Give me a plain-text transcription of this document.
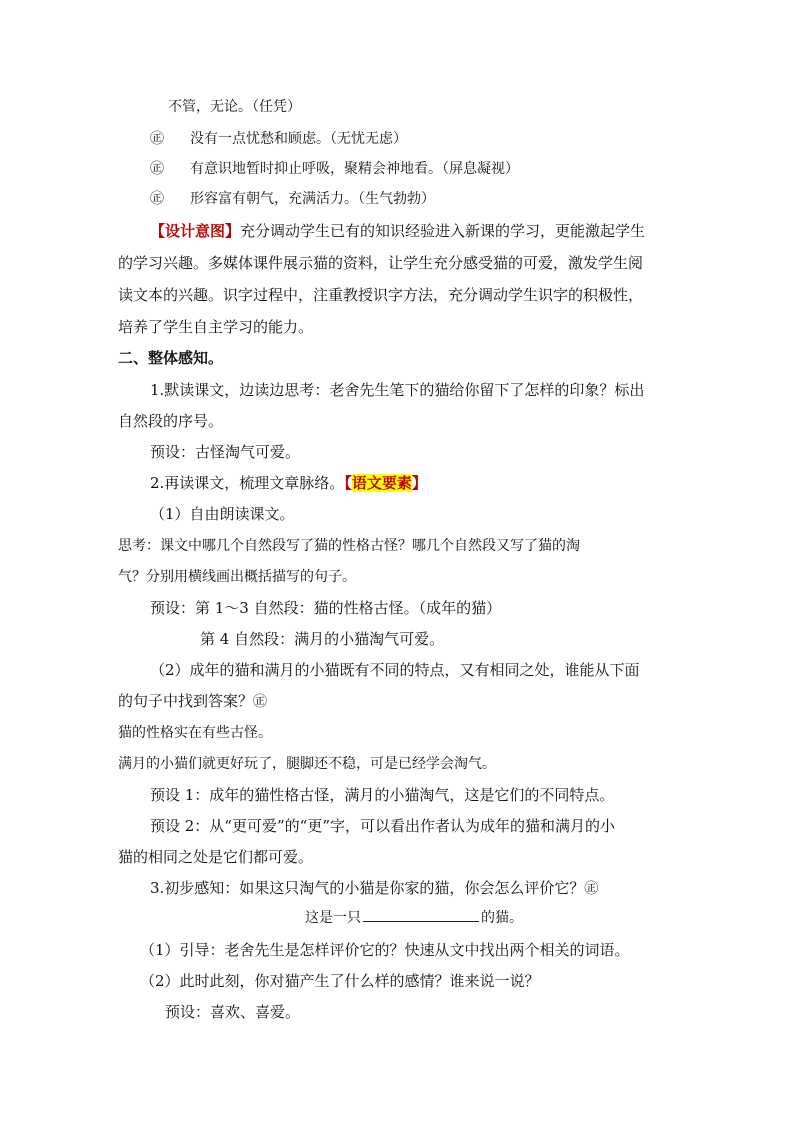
不管，无论。（任凭）
㊣ 没有一点忧愁和顾虑。（无忧无虑）
㊣ 有意识地暂时抑止呼吸，聚精会神地看。（屏息凝视）
㊣ 形容富有朝气，充满活力。（生气勃勃）
【设计意图】充分调动学生已有的知识经验进入新课的学习，更能激起学生
的学习兴趣。多媒体课件展示猫的资料，让学生充分感受猫的可爱，激发学生阅
读文本的兴趣。识字过程中，注重教授识字方法，充分调动学生识字的积极性，
培养了学生自主学习的能力。
二、整体感知。
1.默读课文，边读边思考：老舍先生笔下的猫给你留下了怎样的印象？标出
自然段的序号。
预设：古怪淘气可爱。
2.再读课文，梳理文章脉络。【语文要素】
（1）自由朗读课文。
思考：课文中哪几个自然段写了猫的性格古怪？哪几个自然段又写了猫的淘
气？分别用横线画出概括描写的句子。
预设：第 1～3 自然段：猫的性格古怪。（成年的猫）
第 4 自然段：满月的小猫淘气可爱。
（2）成年的猫和满月的小猫既有不同的特点，又有相同之处，谁能从下面
的句子中找到答案？㊣
猫的性格实在有些古怪。
满月的小猫们就更好玩了，腿脚还不稳，可是已经学会淘气。
预设 1：成年的猫性格古怪，满月的小猫淘气，这是它们的不同特点。
预设 2：从“更可爱”的“更”字，可以看出作者认为成年的猫和满月的小
猫的相同之处是它们都可爱。
3.初步感知：如果这只淘气的小猫是你家的猫，你会怎么评价它？㊣
这是一只	的猫。
（1）引导：老舍先生是怎样评价它的？快速从文中找出两个相关的词语。
（2）此时此刻，你对猫产生了什么样的感情？谁来说一说？
预设：喜欢、喜爱。
